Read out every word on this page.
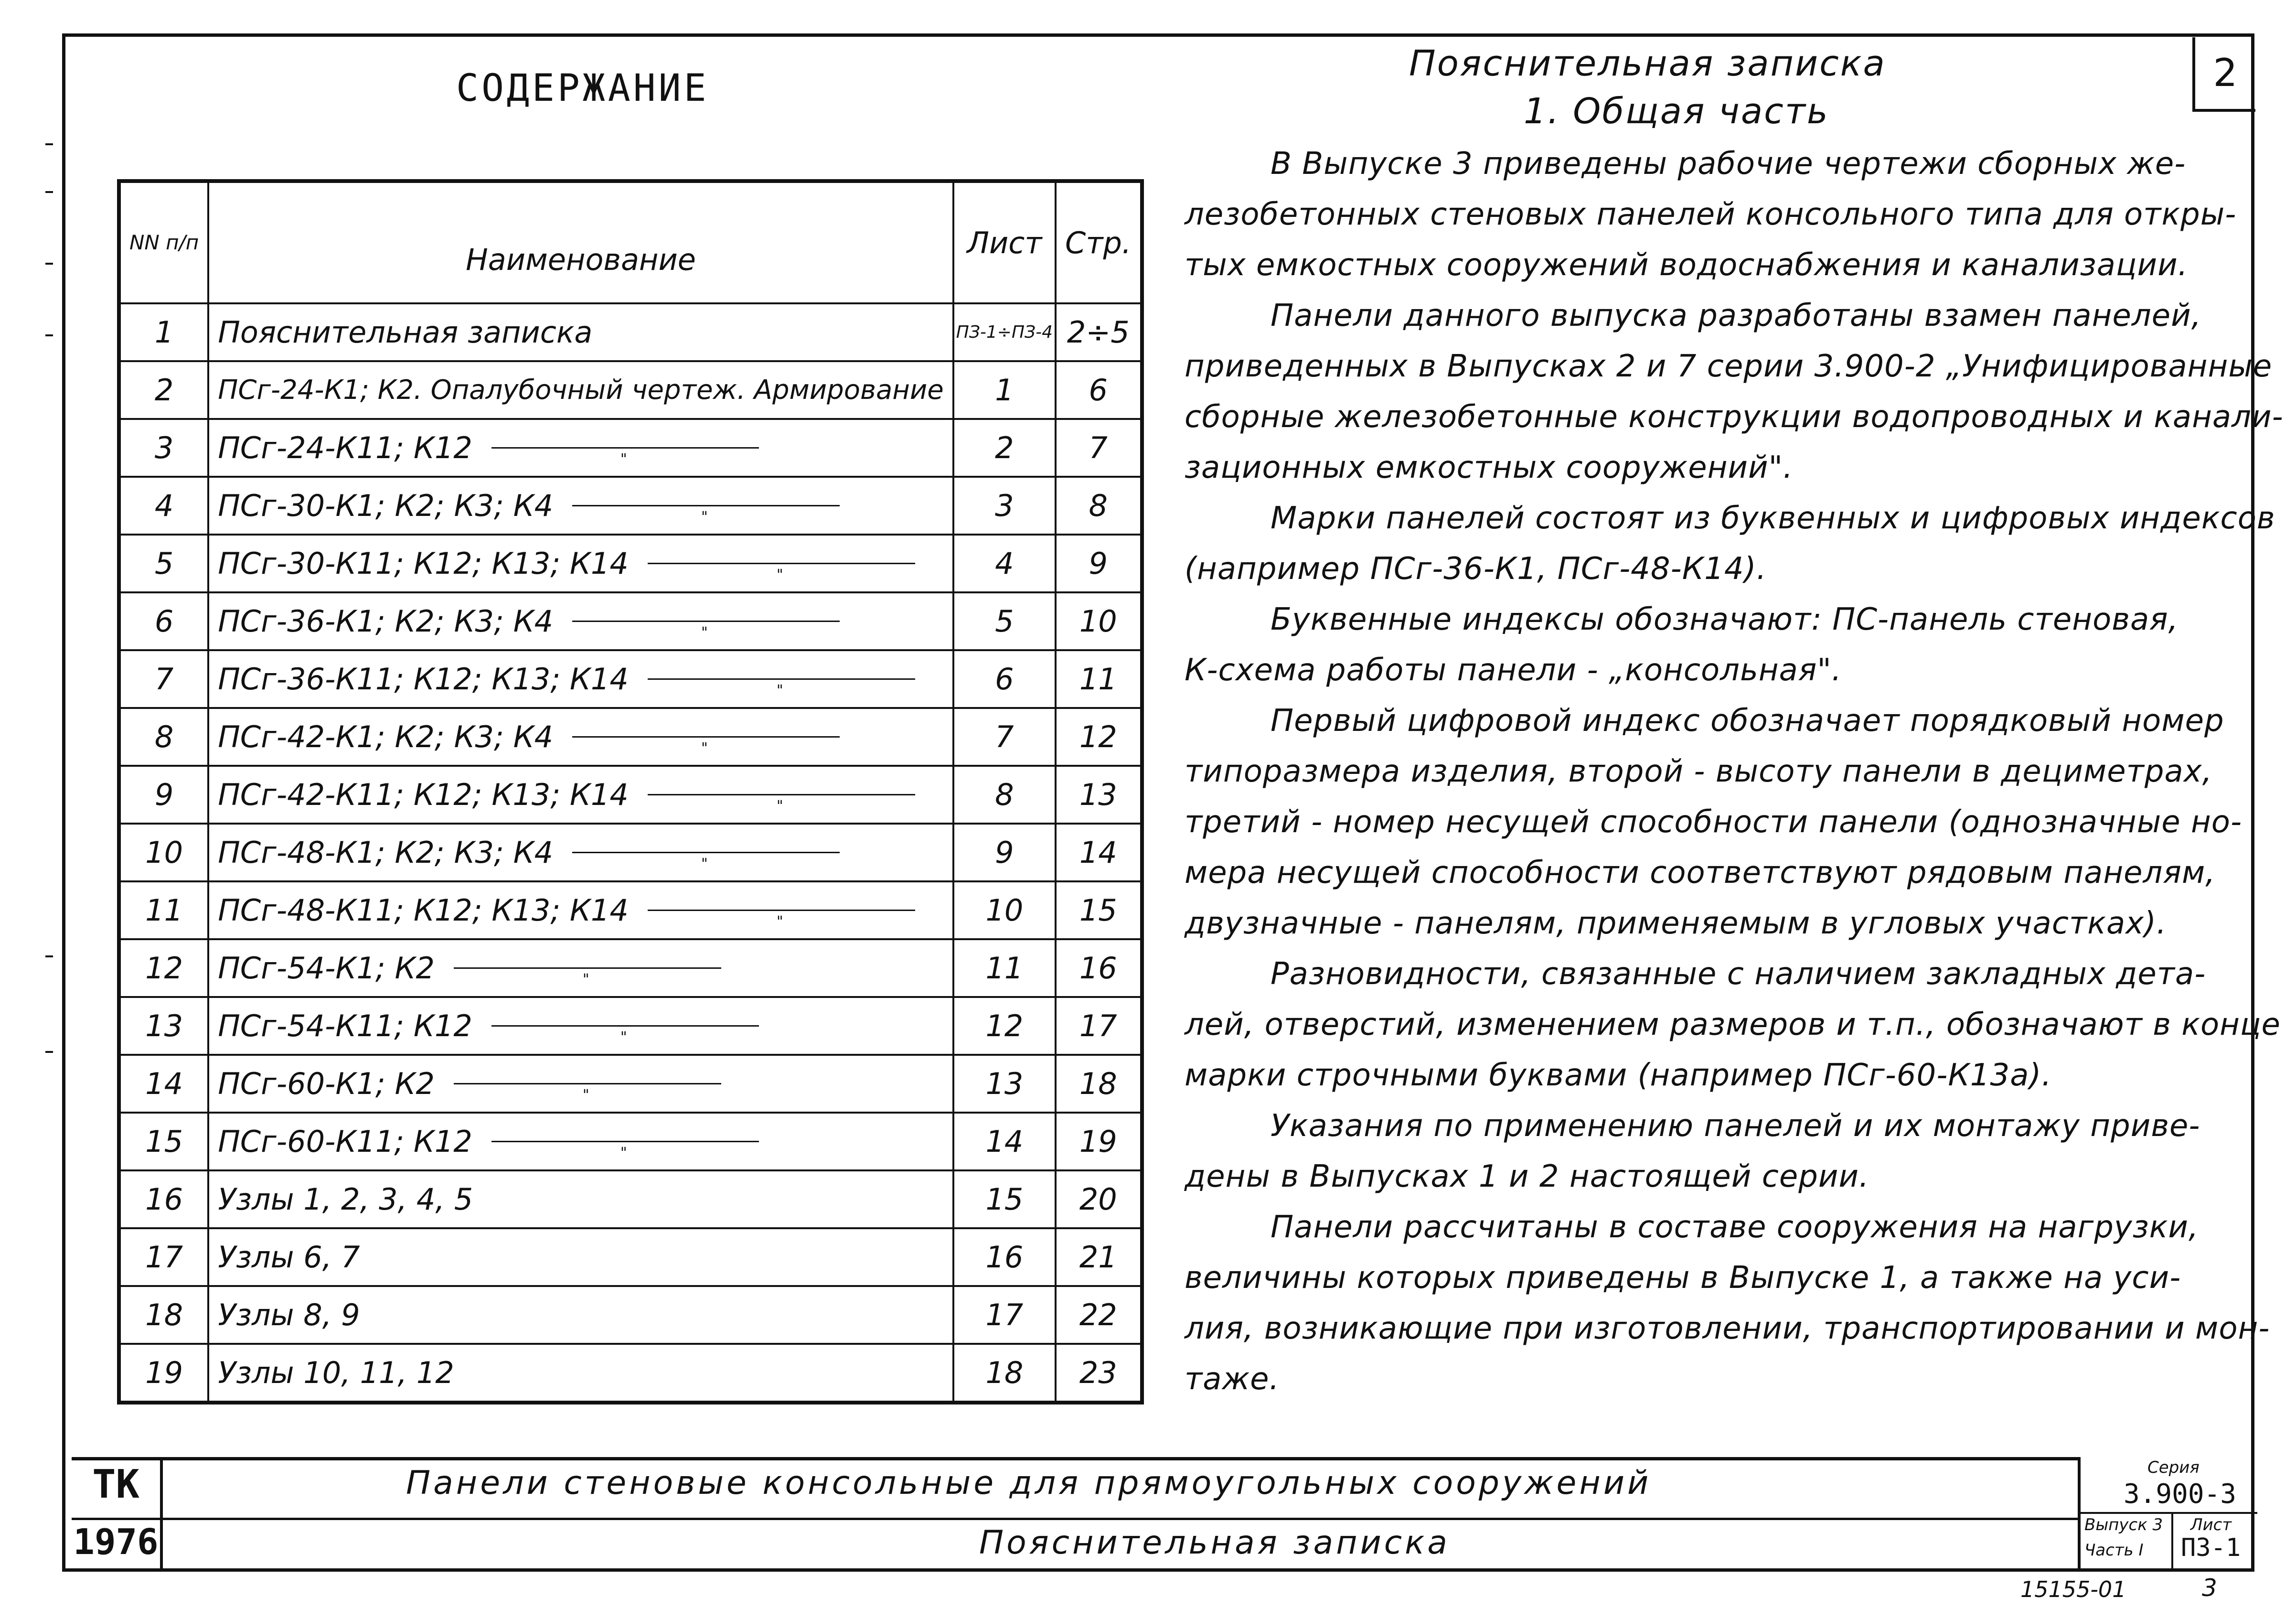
2
СОДЕРЖАНИЕ
NN п/п	Наименование	Лист	Стр.
1	Пояснительная записка	ПЗ-1÷ПЗ-4	2÷5
2	ПСг-24-К1; К2. Опалубочный чертеж. Армирование	1	6
3	ПСг-24-К11; К12 "	2	7
4	ПСг-30-К1; К2; К3; К4 "	3	8
5	ПСг-30-К11; К12; К13; К14 "	4	9
6	ПСг-36-К1; К2; К3; К4 "	5	10
7	ПСг-36-К11; К12; К13; К14 "	6	11
8	ПСг-42-К1; К2; К3; К4 "	7	12
9	ПСг-42-К11; К12; К13; К14 "	8	13
10	ПСг-48-К1; К2; К3; К4 "	9	14
11	ПСг-48-К11; К12; К13; К14 "	10	15
12	ПСг-54-К1; К2 "	11	16
13	ПСг-54-К11; К12 "	12	17
14	ПСг-60-К1; К2 "	13	18
15	ПСг-60-К11; К12 "	14	19
16	Узлы 1, 2, 3, 4, 5	15	20
17	Узлы 6, 7	16	21
18	Узлы 8, 9	17	22
19	Узлы 10, 11, 12	18	23
Пояснительная записка
1. Общая часть
В Выпуске 3 приведены рабочие чертежи сборных же-
лезобетонных стеновых панелей консольного типа для откры-
тых емкостных сооружений водоснабжения и канализации.
Панели данного выпуска разработаны взамен панелей,
приведенных в Выпусках 2 и 7 серии 3.900-2 „Унифицированные
сборные железобетонные конструкции водопроводных и канали-
зационных емкостных сооружений".
Марки панелей состоят из буквенных и цифровых индексов
(например ПСг-36-К1, ПСг-48-К14).
Буквенные индексы обозначают: ПС-панель стеновая,
К-схема работы панели - „консольная".
Первый цифровой индекс обозначает порядковый номер
типоразмера изделия, второй - высоту панели в дециметрах,
третий - номер несущей способности панели (однозначные но-
мера несущей способности соответствуют рядовым панелям,
двузначные - панелям, применяемым в угловых участках).
Разновидности, связанные с наличием закладных дета-
лей, отверстий, изменением размеров и т.п., обозначают в конце
марки строчными буквами (например ПСг-60-К13а).
Указания по применению панелей и их монтажу приве-
дены в Выпусках 1 и 2 настоящей серии.
Панели рассчитаны в составе сооружения на нагрузки,
величины которых приведены в Выпуске 1, а также на уси-
лия, возникающие при изготовлении, транспортировании и мон-
таже.
ТК
1976
Панели стеновые консольные для прямоугольных сооружений
Пояснительная записка
Серия
3.900-3
Выпуск 3
Часть I
Лист
ПЗ-1
15155-01	3
